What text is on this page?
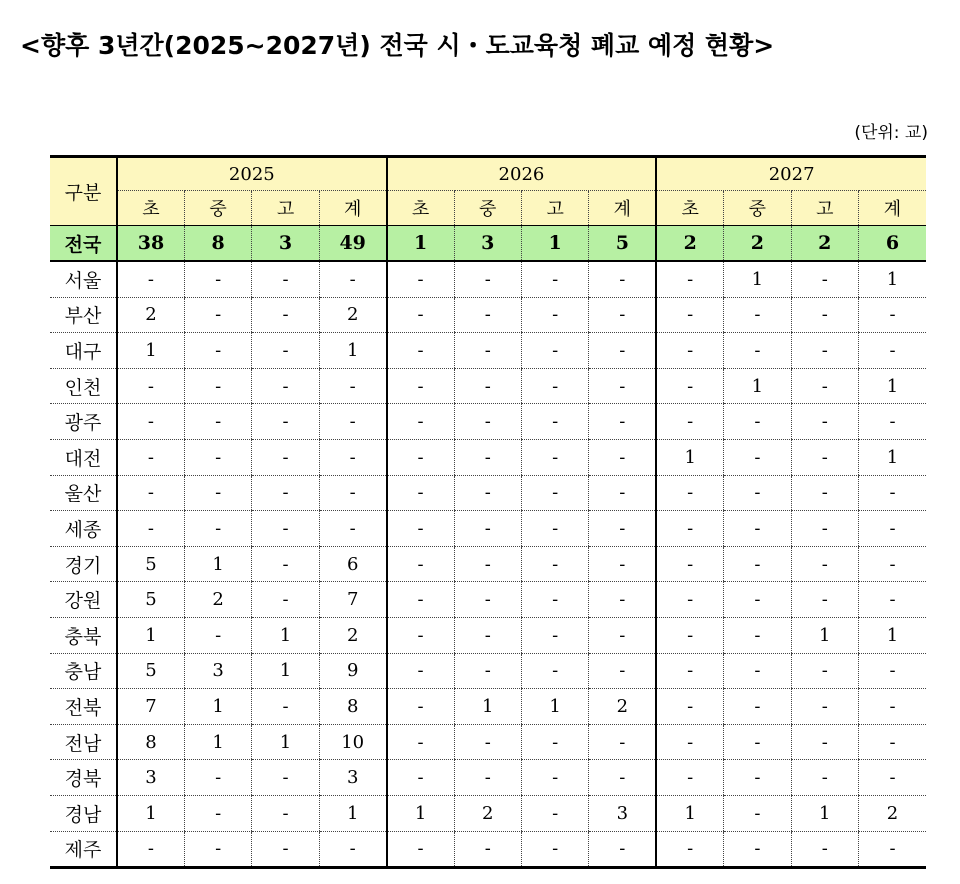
<향후 3년간(2025~2027년) 전국 시・도교육청 폐교 예정 현황>
(단위: 교)
구분	2025				2026				2027			
	초	중	고	계	초	중	고	계	초	중	고	계
전국	38	8	3	49	1	3	1	5	2	2	2	6
서울	-	-	-	-	-	-	-	-	-	1	-	1
부산	2	-	-	2	-	-	-	-	-	-	-	-
대구	1	-	-	1	-	-	-	-	-	-	-	-
인천	-	-	-	-	-	-	-	-	-	1	-	1
광주	-	-	-	-	-	-	-	-	-	-	-	-
대전	-	-	-	-	-	-	-	-	1	-	-	1
울산	-	-	-	-	-	-	-	-	-	-	-	-
세종	-	-	-	-	-	-	-	-	-	-	-	-
경기	5	1	-	6	-	-	-	-	-	-	-	-
강원	5	2	-	7	-	-	-	-	-	-	-	-
충북	1	-	1	2	-	-	-	-	-	-	1	1
충남	5	3	1	9	-	-	-	-	-	-	-	-
전북	7	1	-	8	-	1	1	2	-	-	-	-
전남	8	1	1	10	-	-	-	-	-	-	-	-
경북	3	-	-	3	-	-	-	-	-	-	-	-
경남	1	-	-	1	1	2	-	3	1	-	1	2
제주	-	-	-	-	-	-	-	-	-	-	-	-
